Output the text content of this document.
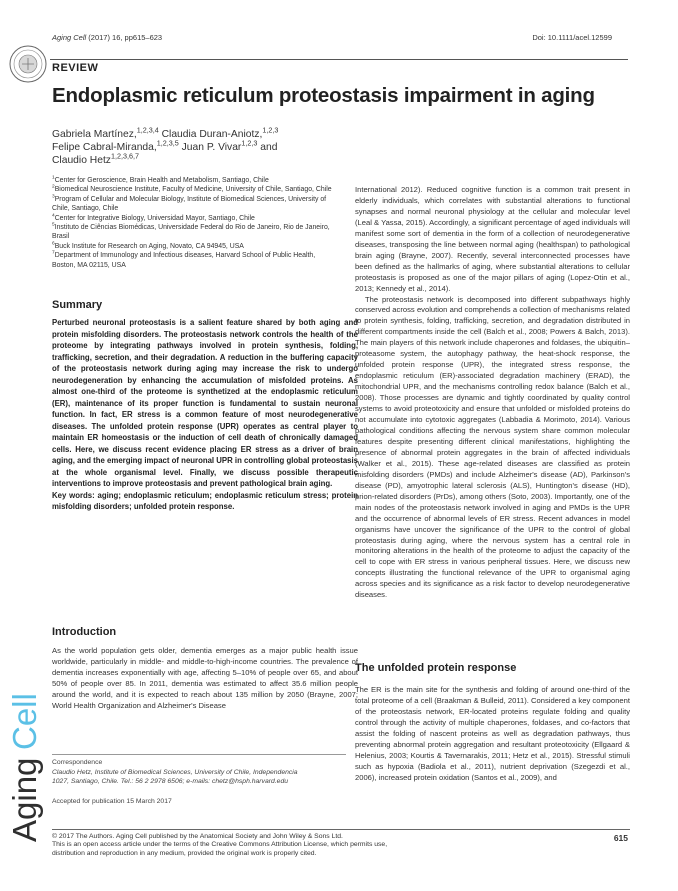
Aging Cell (2017) 16, pp615–623	Doi: 10.1111/acel.12599
REVIEW
Endoplasmic reticulum proteostasis impairment in aging
Gabriela Martínez,$^{1,2,3,4}$ Claudia Duran-Aniotz,$^{1,2,3}$
Felipe Cabral-Miranda,$^{1,2,3,5}$ Juan P. Vivar$^{1,2,3}$ and
Claudio Hetz$^{1,2,3,6,7}$
$^1$Center for Geroscience, Brain Health and Metabolism, Santiago, Chile
$^2$Biomedical Neuroscience Institute, Faculty of Medicine, University of Chile, Santiago, Chile
$^3$Program of Cellular and Molecular Biology, Institute of Biomedical Sciences, University of Chile, Santiago, Chile
$^4$Center for Integrative Biology, Universidad Mayor, Santiago, Chile
$^5$Instituto de Ciências Biomédicas, Universidade Federal do Rio de Janeiro, Rio de Janeiro, Brasil
$^6$Buck Institute for Research on Aging, Novato, CA 94945, USA
$^7$Department of Immunology and Infectious diseases, Harvard School of Public Health, Boston, MA 02115, USA
Summary

Perturbed neuronal proteostasis is a salient feature shared by both aging and protein misfolding disorders. The proteostasis network controls the health of the proteome by integrating pathways involved in protein synthesis, folding, trafficking, secretion, and their degradation. A reduction in the buffering capacity of the proteostasis network during aging may increase the risk to undergo neurodegeneration by enhancing the accumulation of misfolded proteins. As almost one-third of the proteome is synthetized at the endoplasmic reticulum (ER), maintenance of its proper function is fundamental to sustain neuronal function. In fact, ER stress is a common feature of most neurodegenerative diseases. The unfolded protein response (UPR) operates as central player to maintain ER homeostasis or the induction of cell death of chronically damaged cells. Here, we discuss recent evidence placing ER stress as a driver of brain aging, and the emerging impact of neuronal UPR in controlling global proteostasis at the whole organismal level. Finally, we discuss possible therapeutic interventions to improve proteostasis and prevent pathological brain aging.

Key words: aging; endoplasmic reticulum; endoplasmic reticulum stress; protein misfolding disorders; unfolded protein response.

Introduction

As the world population gets older, dementia emerges as a major public health issue worldwide, particularly in middle- and middle-to-high-income countries. The prevalence of dementia increases exponentially with age, affecting 5–10% of people over 65, and about 50% of people over 85. In 2011, dementia was estimated to affect 35.6 million people around the world, and it is expected to reach about 135 million by 2050 (Brayne, 2007; World Health Organization and Alzheimer's Disease

Correspondence
Claudio Hetz, Institute of Biomedical Sciences, University of Chile, Independencia
1027, Santiago, Chile. Tel.: 56 2 2978 6506; e-mails: chetz@hsph.harvard.edu
Accepted for publication 15 March 2017
Aging
Cell

International 2012). Reduced cognitive function is a common trait present in elderly individuals, which correlates with substantial alterations to functional synapses and normal neuronal physiology at the cellular and molecular level (Leal & Yassa, 2015). Accordingly, a significant percentage of aged individuals will manifest some sort of dementia in the form of a collection of neurodegenerative diseases, transposing the line between normal aging (healthspan) to pathological brain aging (Brayne, 2007). Recently, several interconnected processes have been defined as the hallmarks of aging, where substantial alterations to cellular proteostasis is proposed as one of the major pillars of aging (Lopez-Otin et al., 2013; Kennedy et al., 2014).

The proteostasis network is decomposed into different subpathways highly conserved across evolution and comprehends a collection of mechanisms related to protein synthesis, folding, trafficking, secretion, and degradation distributed in different compartments inside the cell (Balch et al., 2008; Powers & Balch, 2013). The main players of this network include chaperones and foldases, the ubiquitin–proteasome system, the autophagy pathway, the heat-shock response, the unfolded protein response (UPR), the integrated stress response, the endoplasmic reticulum (ER)-associated degradation machinery (ERAD), the mitochondrial UPR, and the mechanisms controlling redox balance (Balch et al., 2008). Those processes are dynamic and tightly coordinated by quality control systems to avoid proteotoxicity and ensure that unfolded or misfolded proteins do not accumulate into cytotoxic aggregates (Labbadia & Morimoto, 2014). Various pathological conditions affecting the nervous system share common molecular features despite presenting different clinical manifestations, highlighting the presence of abnormal protein aggregates in the brain of affected individuals (Walker et al., 2015). These age-related diseases are classified as protein misfolding disorders (PMDs) and include Alzheimer's disease (AD), Parkinson's disease (PD), amyotrophic lateral sclerosis (ALS), Huntington's disease (HD), prion-related disorders (PrDs), among others (Soto, 2003). Importantly, one of the main nodes of the proteostasis network involved in aging and PMDs is the UPR and the occurrence of abnormal levels of ER stress. Recent advances in model organisms have uncover the significance of the UPR to the control of global proteostasis during aging, where the nervous system has a central role in monitoring alterations in the health of the proteome to adjust the capacity of the cell to cope with ER stress in various peripheral tissues. Here, we discuss new concepts illustrating the functional relevance of the UPR to organismal aging across species and its significance as a risk factor to develop neurodegenerative diseases.

The unfolded protein response

The ER is the main site for the synthesis and folding of around one-third of the total proteome of a cell (Braakman & Bulleid, 2011). Considered a key component of the proteostasis network, ER-located proteins regulate folding and quality control through the activity of multiple chaperones, foldases, and co-factors that assist the folding of nascent proteins as well as degradation pathways, thus preventing abnormal protein aggregation and resultant proteotoxicity (Ellgaard & Helenius, 2003; Kourtis & Tavernarakis, 2011; Hetz et al., 2015). Stressful stimuli such as hypoxia (Badiola et al., 2011), nutrient deprivation (Szegezdi et al., 2006), increased protein oxidation (Santos et al., 2009), and

© 2017 The Authors. Aging Cell published by the Anatomical Society and John Wiley & Sons Ltd.
This is an open access article under the terms of the Creative Commons Attribution License, which permits use,
distribution and reproduction in any medium, provided the original work is properly cited.
615
